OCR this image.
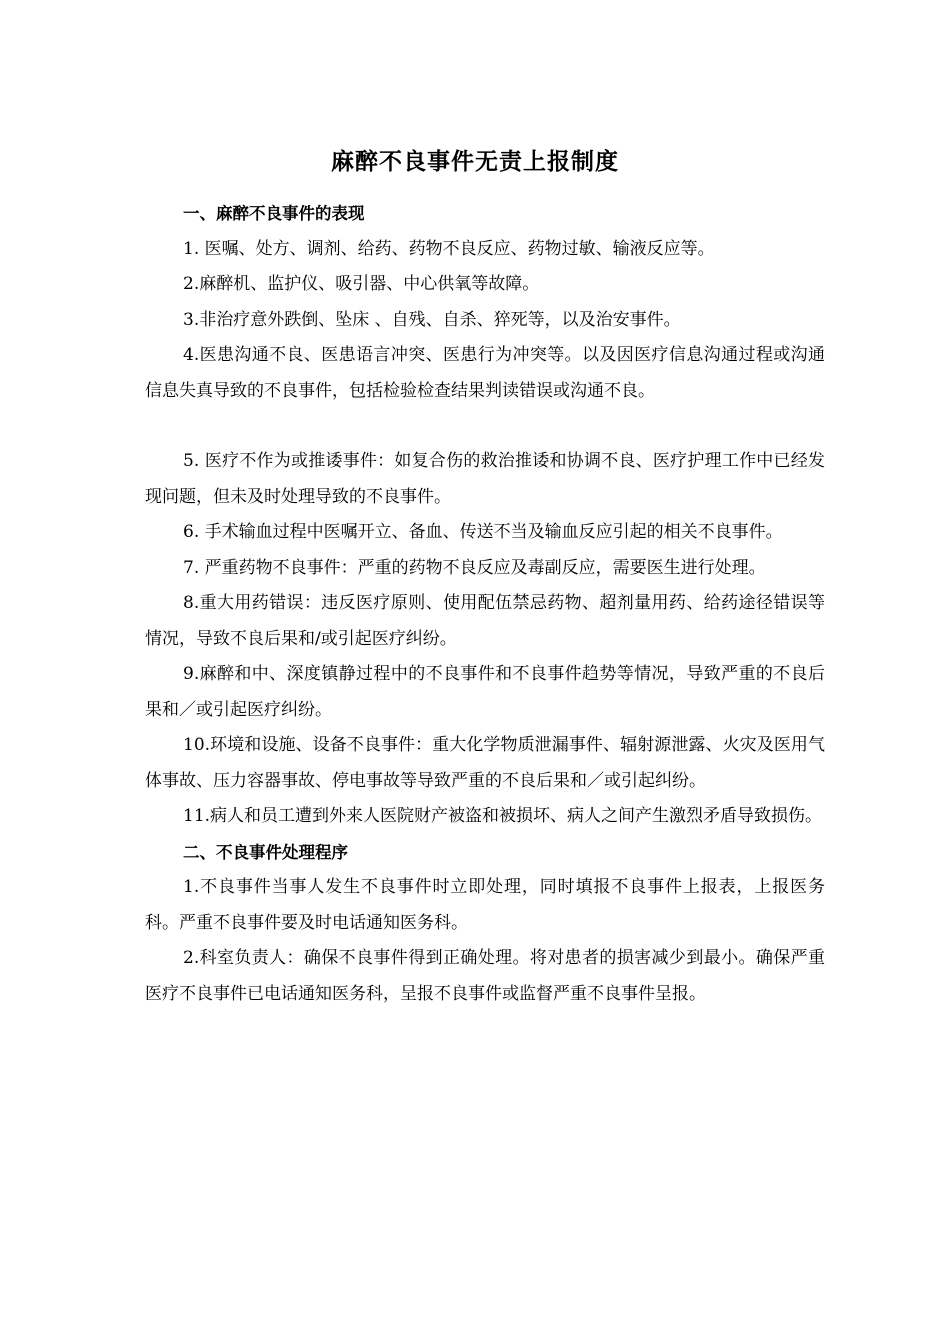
麻醉不良事件无责上报制度

一、麻醉不良事件的表现

1. 医嘱、处方、调剂、给药、药物不良反应、药物过敏、输液反应等。

2.麻醉机、监护仪、吸引器、中心供氧等故障。

3.非治疗意外跌倒、坠床 、自残、自杀、猝死等，以及治安事件。

4.医患沟通不良、医患语言冲突、医患行为冲突等。以及因医疗信息沟通过程或沟通信息失真导致的不良事件，包括检验检查结果判读错误或沟通不良。

5. 医疗不作为或推诿事件：如复合伤的救治推诿和协调不良、医疗护理工作中已经发现问题，但未及时处理导致的不良事件。

6. 手术输血过程中医嘱开立、备血、传送不当及输血反应引起的相关不良事件。

7. 严重药物不良事件：严重的药物不良反应及毒副反应，需要医生进行处理。

8.重大用药错误：违反医疗原则、使用配伍禁忌药物、超剂量用药、给药途径错误等情况，导致不良后果和/或引起医疗纠纷。

9.麻醉和中、深度镇静过程中的不良事件和不良事件趋势等情况，导致严重的不良后果和／或引起医疗纠纷。

10.环境和设施、设备不良事件：重大化学物质泄漏事件、辐射源泄露、火灾及医用气体事故、压力容器事故、停电事故等导致严重的不良后果和／或引起纠纷。

11.病人和员工遭到外来人医院财产被盗和被损坏、病人之间产生激烈矛盾导致损伤。

二、不良事件处理程序

1.不良事件当事人发生不良事件时立即处理，同时填报不良事件上报表，上报医务科。严重不良事件要及时电话通知医务科。

2.科室负责人：确保不良事件得到正确处理。将对患者的损害减少到最小。确保严重医疗不良事件已电话通知医务科，呈报不良事件或监督严重不良事件呈报。
